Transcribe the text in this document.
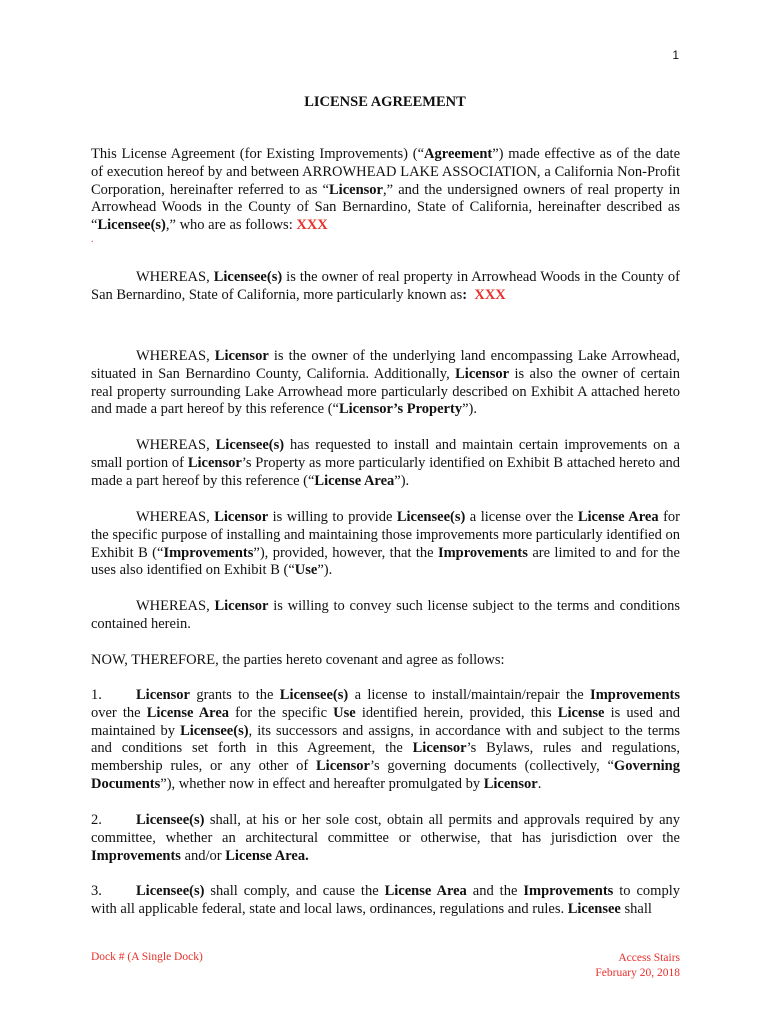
1
LICENSE AGREEMENT

This License Agreement (for Existing Improvements) (“Agreement”) made effective as of the date of execution hereof by and between ARROWHEAD LAKE ASSOCIATION, a California Non-Profit Corporation, hereinafter referred to as “Licensor,” and the undersigned owners of real property in Arrowhead Woods in the County of San Bernardino, State of California, hereinafter described as “Licensee(s),” who are as follows: XXX

.

WHEREAS, Licensee(s) is the owner of real property in Arrowhead Woods in the County of San Bernardino, State of California, more particularly known as: XXX

WHEREAS, Licensor is the owner of the underlying land encompassing Lake Arrowhead, situated in San Bernardino County, California. Additionally, Licensor is also the owner of certain real property surrounding Lake Arrowhead more particularly described on Exhibit A attached hereto and made a part hereof by this reference (“Licensor’s Property”).

WHEREAS, Licensee(s) has requested to install and maintain certain improvements on a small portion of Licensor’s Property as more particularly identified on Exhibit B attached hereto and made a part hereof by this reference (“License Area”).

WHEREAS, Licensor is willing to provide Licensee(s) a license over the License Area for the specific purpose of installing and maintaining those improvements more particularly identified on Exhibit B (“Improvements”), provided, however, that the Improvements are limited to and for the uses also identified on Exhibit B (“Use”).

WHEREAS, Licensor is willing to convey such license subject to the terms and conditions contained herein.

NOW, THEREFORE, the parties hereto covenant and agree as follows:

1. Licensor grants to the Licensee(s) a license to install/maintain/repair the Improvements over the License Area for the specific Use identified herein, provided, this License is used and maintained by Licensee(s), its successors and assigns, in accordance with and subject to the terms and conditions set forth in this Agreement, the Licensor’s Bylaws, rules and regulations, membership rules, or any other of Licensor’s governing documents (collectively, “Governing Documents”), whether now in effect and hereafter promulgated by Licensor.

2. Licensee(s) shall, at his or her sole cost, obtain all permits and approvals required by any committee, whether an architectural committee or otherwise, that has jurisdiction over the Improvements and/or License Area.

3. Licensee(s) shall comply, and cause the License Area and the Improvements to comply with all applicable federal, state and local laws, ordinances, regulations and rules. Licensee shall

Dock # (A Single Dock)	Access Stairs
February 20, 2018
